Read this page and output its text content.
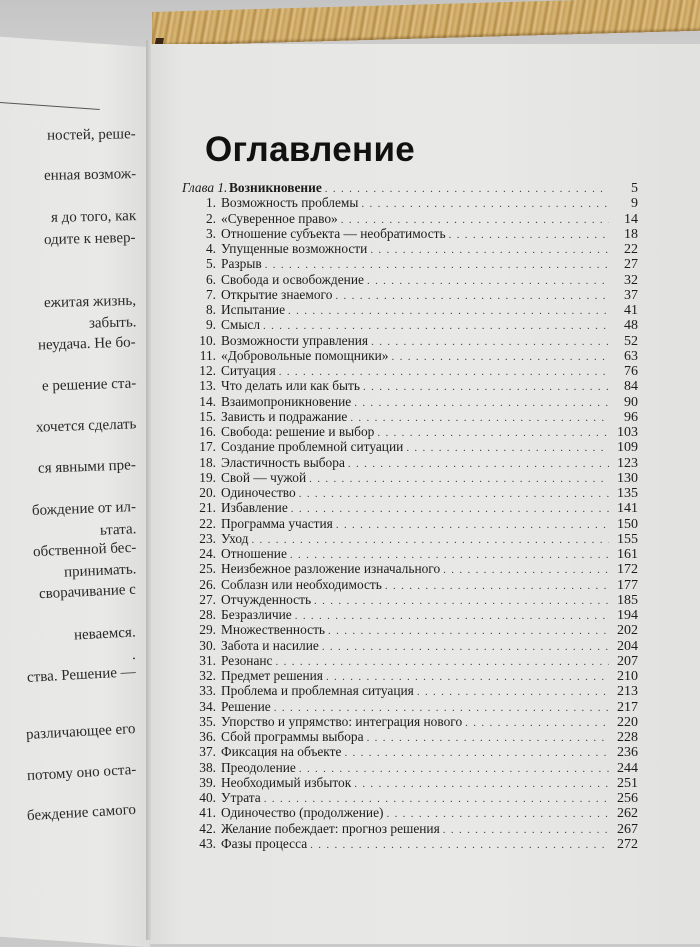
ностей, реше-
енная возмож-
я до того, как
одите к невер-
ежитая жизнь,
забыть.
неудача. Не бо-
е решение ста-
хочется сделать
ся явными пре-
бождение от ил-
ьтата.
обственной бес-
принимать.
сворачивание с
неваемся.
.
ства. Решение —
различающее его
потому оно оста-
беждение самого
Оглавление
Глава 1. Возникновение . . .	5
1. Возможность проблемы . . .	9
2. «Суверенное право» . . .	14
3. Отношение субъекта — необратимость . . .	18
4. Упущенные возможности . . .	22
5. Разрыв . . .	27
6. Свобода и освобождение . . .	32
7. Открытие знаемого . . .	37
8. Испытание . . .	41
9. Смысл . . .	48
10. Возможности управления . . .	52
11. «Добровольные помощники» . . .	63
12. Ситуация . . .	76
13. Что делать или как быть . . .	84
14. Взаимопроникновение . . .	90
15. Зависть и подражание . . .	96
16. Свобода: решение и выбор . . .	103
17. Создание проблемной ситуации . . .	109
18. Эластичность выбора . . .	123
19. Свой — чужой . . .	130
20. Одиночество . . .	135
21. Избавление . . .	141
22. Программа участия . . .	150
23. Уход . . .	155
24. Отношение . . .	161
25. Неизбежное разложение изначального . . .	172
26. Соблазн или необходимость . . .	177
27. Отчужденность . . .	185
28. Безразличие . . .	194
29. Множественность . . .	202
30. Забота и насилие . . .	204
31. Резонанс . . .	207
32. Предмет решения . . .	210
33. Проблема и проблемная ситуация . . .	213
34. Решение . . .	217
35. Упорство и упрямство: интеграция нового . . .	220
36. Сбой программы выбора . . .	228
37. Фиксация на объекте . . .	236
38. Преодоление . . .	244
39. Необходимый избыток . . .	251
40. Утрата . . .	256
41. Одиночество (продолжение) . . .	262
42. Желание побеждает: прогноз решения . . .	267
43. Фазы процесса . . .	272
